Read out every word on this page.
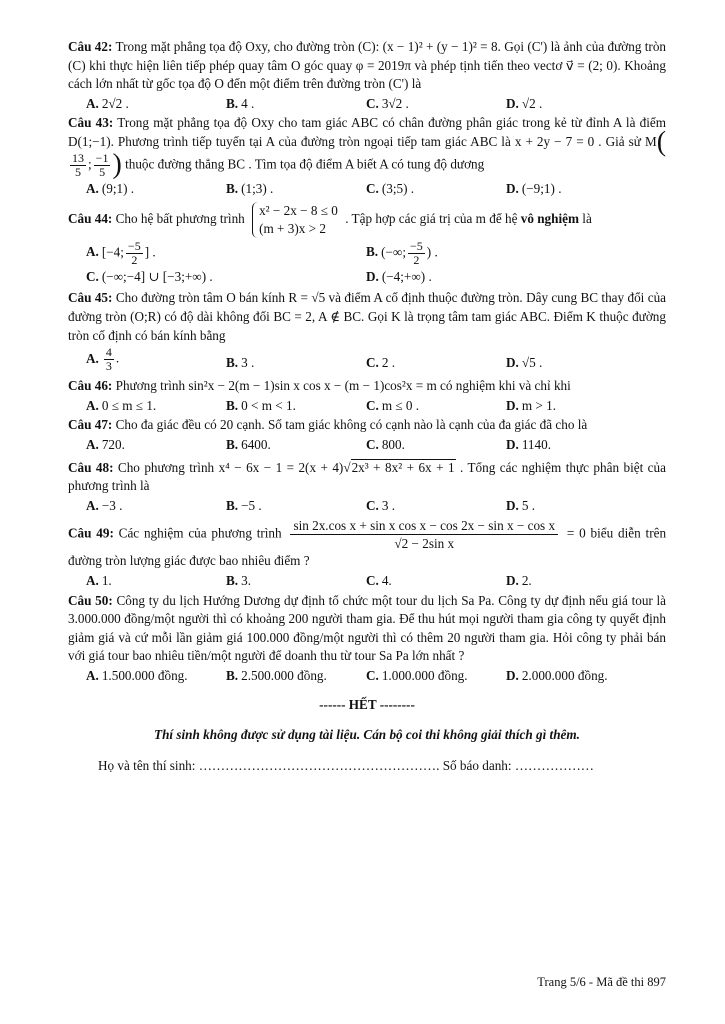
Câu 42: Trong mặt phẳng tọa độ Oxy, cho đường tròn (C): (x − 1)² + (y − 1)² = 8. Gọi (C') là ảnh của đường tròn (C) khi thực hiện liên tiếp phép quay tâm O góc quay φ = 2019π và phép tịnh tiến theo vectơ v⃗ = (2; 0). Khoảng cách lớn nhất từ gốc tọa độ O đến một điểm trên đường tròn (C') là

A. 2√2 .	B. 4 .	C. 3√2 .	D. √2 .

Câu 43: Trong mặt phẳng tọa độ Oxy cho tam giác ABC có chân đường phân giác trong kẻ từ đỉnh A là điểm D(1;−1). Phương trình tiếp tuyến tại A của đường tròn ngoại tiếp tam giác ABC là x + 2y − 7 = 0 . Giả sử M(
$\frac{13}{5}$ ; $\frac{-1}{5}$ ) thuộc đường thẳng BC . Tìm tọa độ điểm A biết A có tung độ dương

A. (9;1) .	B. (1;3) .	C. (3;5) .	D. (−9;1) .

Câu 44: Cho hệ bất phương trình
x² − 2x − 8 ≤ 0
(m + 3)x > 2
. Tập hợp các giá trị của m để hệ vô nghiệm là

A. [−4; $\frac{-5}{2}$ ] .	B. (−∞; $\frac{-5}{2}$ ) .
C. (−∞;−4] ∪ [−3;+∞) .	D. (−4;+∞) .

Câu 45: Cho đường tròn tâm O bán kính R = √5 và điểm A cố định thuộc đường tròn. Dây cung BC thay đổi của đường tròn (O;R) có độ dài không đổi BC = 2, A ∉ BC. Gọi K là trọng tâm tam giác ABC. Điểm K thuộc đường tròn cố định có bán kính bằng

A. $\frac{4}{3}$ .	B. 3 .	C. 2 .	D. √5 .

Câu 46: Phương trình sin²x − 2(m − 1)sin x cos x − (m − 1)cos²x = m có nghiệm khi và chỉ khi

A. 0 ≤ m ≤ 1.	B. 0 < m < 1.	C. m ≤ 0 .	D. m > 1.

Câu 47: Cho đa giác đều có 20 cạnh. Số tam giác không có cạnh nào là cạnh của đa giác đã cho là

A. 720.	B. 6400.	C. 800.	D. 1140.

Câu 48: Cho phương trình x⁴ − 6x − 1 = 2(x + 4)√2x³ + 8x² + 6x + 1 . Tổng các nghiệm thực phân biệt của phương trình là

A. −3 .	B. −5 .	C. 3 .	D. 5 .

Câu 49: Các nghiệm của phương trình $\frac{\text{sin 2x.cos x + sin x cos x − cos 2x − sin x − cos x}}{\text{√2 − 2sin x}} = 0$ biểu diễn trên đường tròn lượng giác được bao nhiêu điểm ?

A. 1.	B. 3.	C. 4.	D. 2.

Câu 50: Công ty du lịch Hướng Dương dự định tổ chức một tour du lịch Sa Pa. Công ty dự định nếu giá tour là 3.000.000 đồng/một người thì có khoảng 200 người tham gia. Để thu hút mọi người tham gia công ty quyết định giảm giá và cứ mỗi lần giảm giá 100.000 đồng/một người thì có thêm 20 người tham gia. Hỏi công ty phải bán với giá tour bao nhiêu tiền/một người để doanh thu từ tour Sa Pa lớn nhất ?

A. 1.500.000 đồng.	B. 2.500.000 đồng.	C. 1.000.000 đồng.	D. 2.000.000 đồng.
------ HẾT --------
Thí sinh không được sử dụng tài liệu. Cán bộ coi thi không giải thích gì thêm.
Họ và tên thí sinh: ………………………………………………. Số báo danh: ………………
Trang 5/6 - Mã đề thi 897
